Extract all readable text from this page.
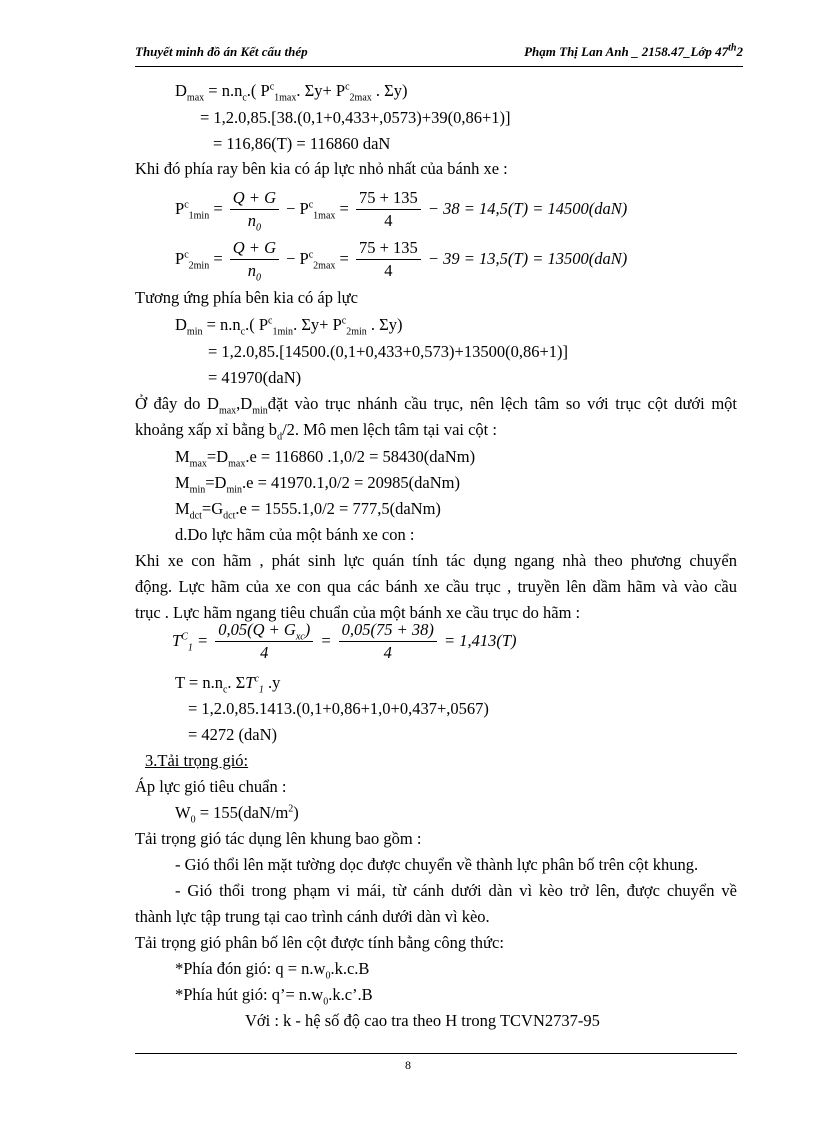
Thuyết minh đồ án Kết cấu thép	Phạm Thị Lan Anh _ 2158.47_Lớp 47th2
$D_{max} = n.n_c$.( $P^c_{1max}$. $\Sigma y+ P^c_{2max}$ . Σy)
= 1,2.0,85.[38.(0,1+0,433+,0573)+39(0,86+1)]
= 116,86(T) = 116860 daN
Khi đó phía ray bên kia có áp lực nhỏ nhất của bánh xe :
$P^c_{1min} = \frac{Q + G}{n_0} - P^c_{1max} = \frac{75 + 135}{4} - 38 = 14,5(T) = 14500(daN)$
$P^c_{2min} = \frac{Q + G}{n_0} - P^c_{2max} = \frac{75 + 135}{4} - 39 = 13,5(T) = 13500(daN)$
Tương ứng phía bên kia có áp lực
$D_{min} = n.n_c$.( $P^c_{1min}$. $\Sigma y+ P^c_{2min}$ . Σy)
= 1,2.0,85.[14500.(0,1+0,433+0,573)+13500(0,86+1)]
= 41970(daN)
Ở đây do $D_{max},D_{min}đặt$ vào trục nhánh cầu trục, nên lệch tâm so với trục cột dưới một
khoảng xấp xỉ bằng $b_d/2$. Mô men lệch tâm tại vai cột :
$M_{max}=D_{max}.e = 116860$ .1,0/2 = 58430(daNm)
$M_{min}=D_{min}.e = 41970.1,0/2$ = 20985(daNm)
$M_{dct}=G_{dct}.e = 1555.1,0/2$ = 777,5(daNm)
d.Do lực hãm của một bánh xe con :
Khi xe con hãm , phát sinh lực quán tính tác dụng ngang nhà theo phương chuyển
động. Lực hãm của xe con qua các bánh xe cầu trục , truyền lên dầm hãm và vào cầu
trục . Lực hãm ngang tiêu chuẩn của một bánh xe cầu trục do hãm :
$T^C_1 = \frac{0,05(Q + G_{xc})}{4} = \frac{0,05(75 + 38)}{4} = 1,413(T)$
$T = n.n_c$. $\Sigma T^c_1$ .y
= 1,2.0,85.1413.(0,1+0,86+1,0+0,437+,0567)
= 4272 (daN)
3.Tải trọng gió:
Áp lực gió tiêu chuẩn :
$W_0 = 155(daN/m^2)$
Tải trọng gió tác dụng lên khung bao gồm :
- Gió thổi lên mặt tường dọc được chuyển về thành lực phân bố trên cột khung.
- Gió thổi trong phạm vi mái, từ cánh dưới dàn vì kèo trở lên, được chuyển về
thành lực tập trung tại cao trình cánh dưới dàn vì kèo.
Tải trọng gió phân bố lên cột được tính bằng công thức:
*Phía đón gió: $q = n.w_0.k.c.B$
*Phía hút gió: q’= $n.w_0.k.c’.B$
Với : k - hệ số độ cao tra theo H trong TCVN2737-95
8
